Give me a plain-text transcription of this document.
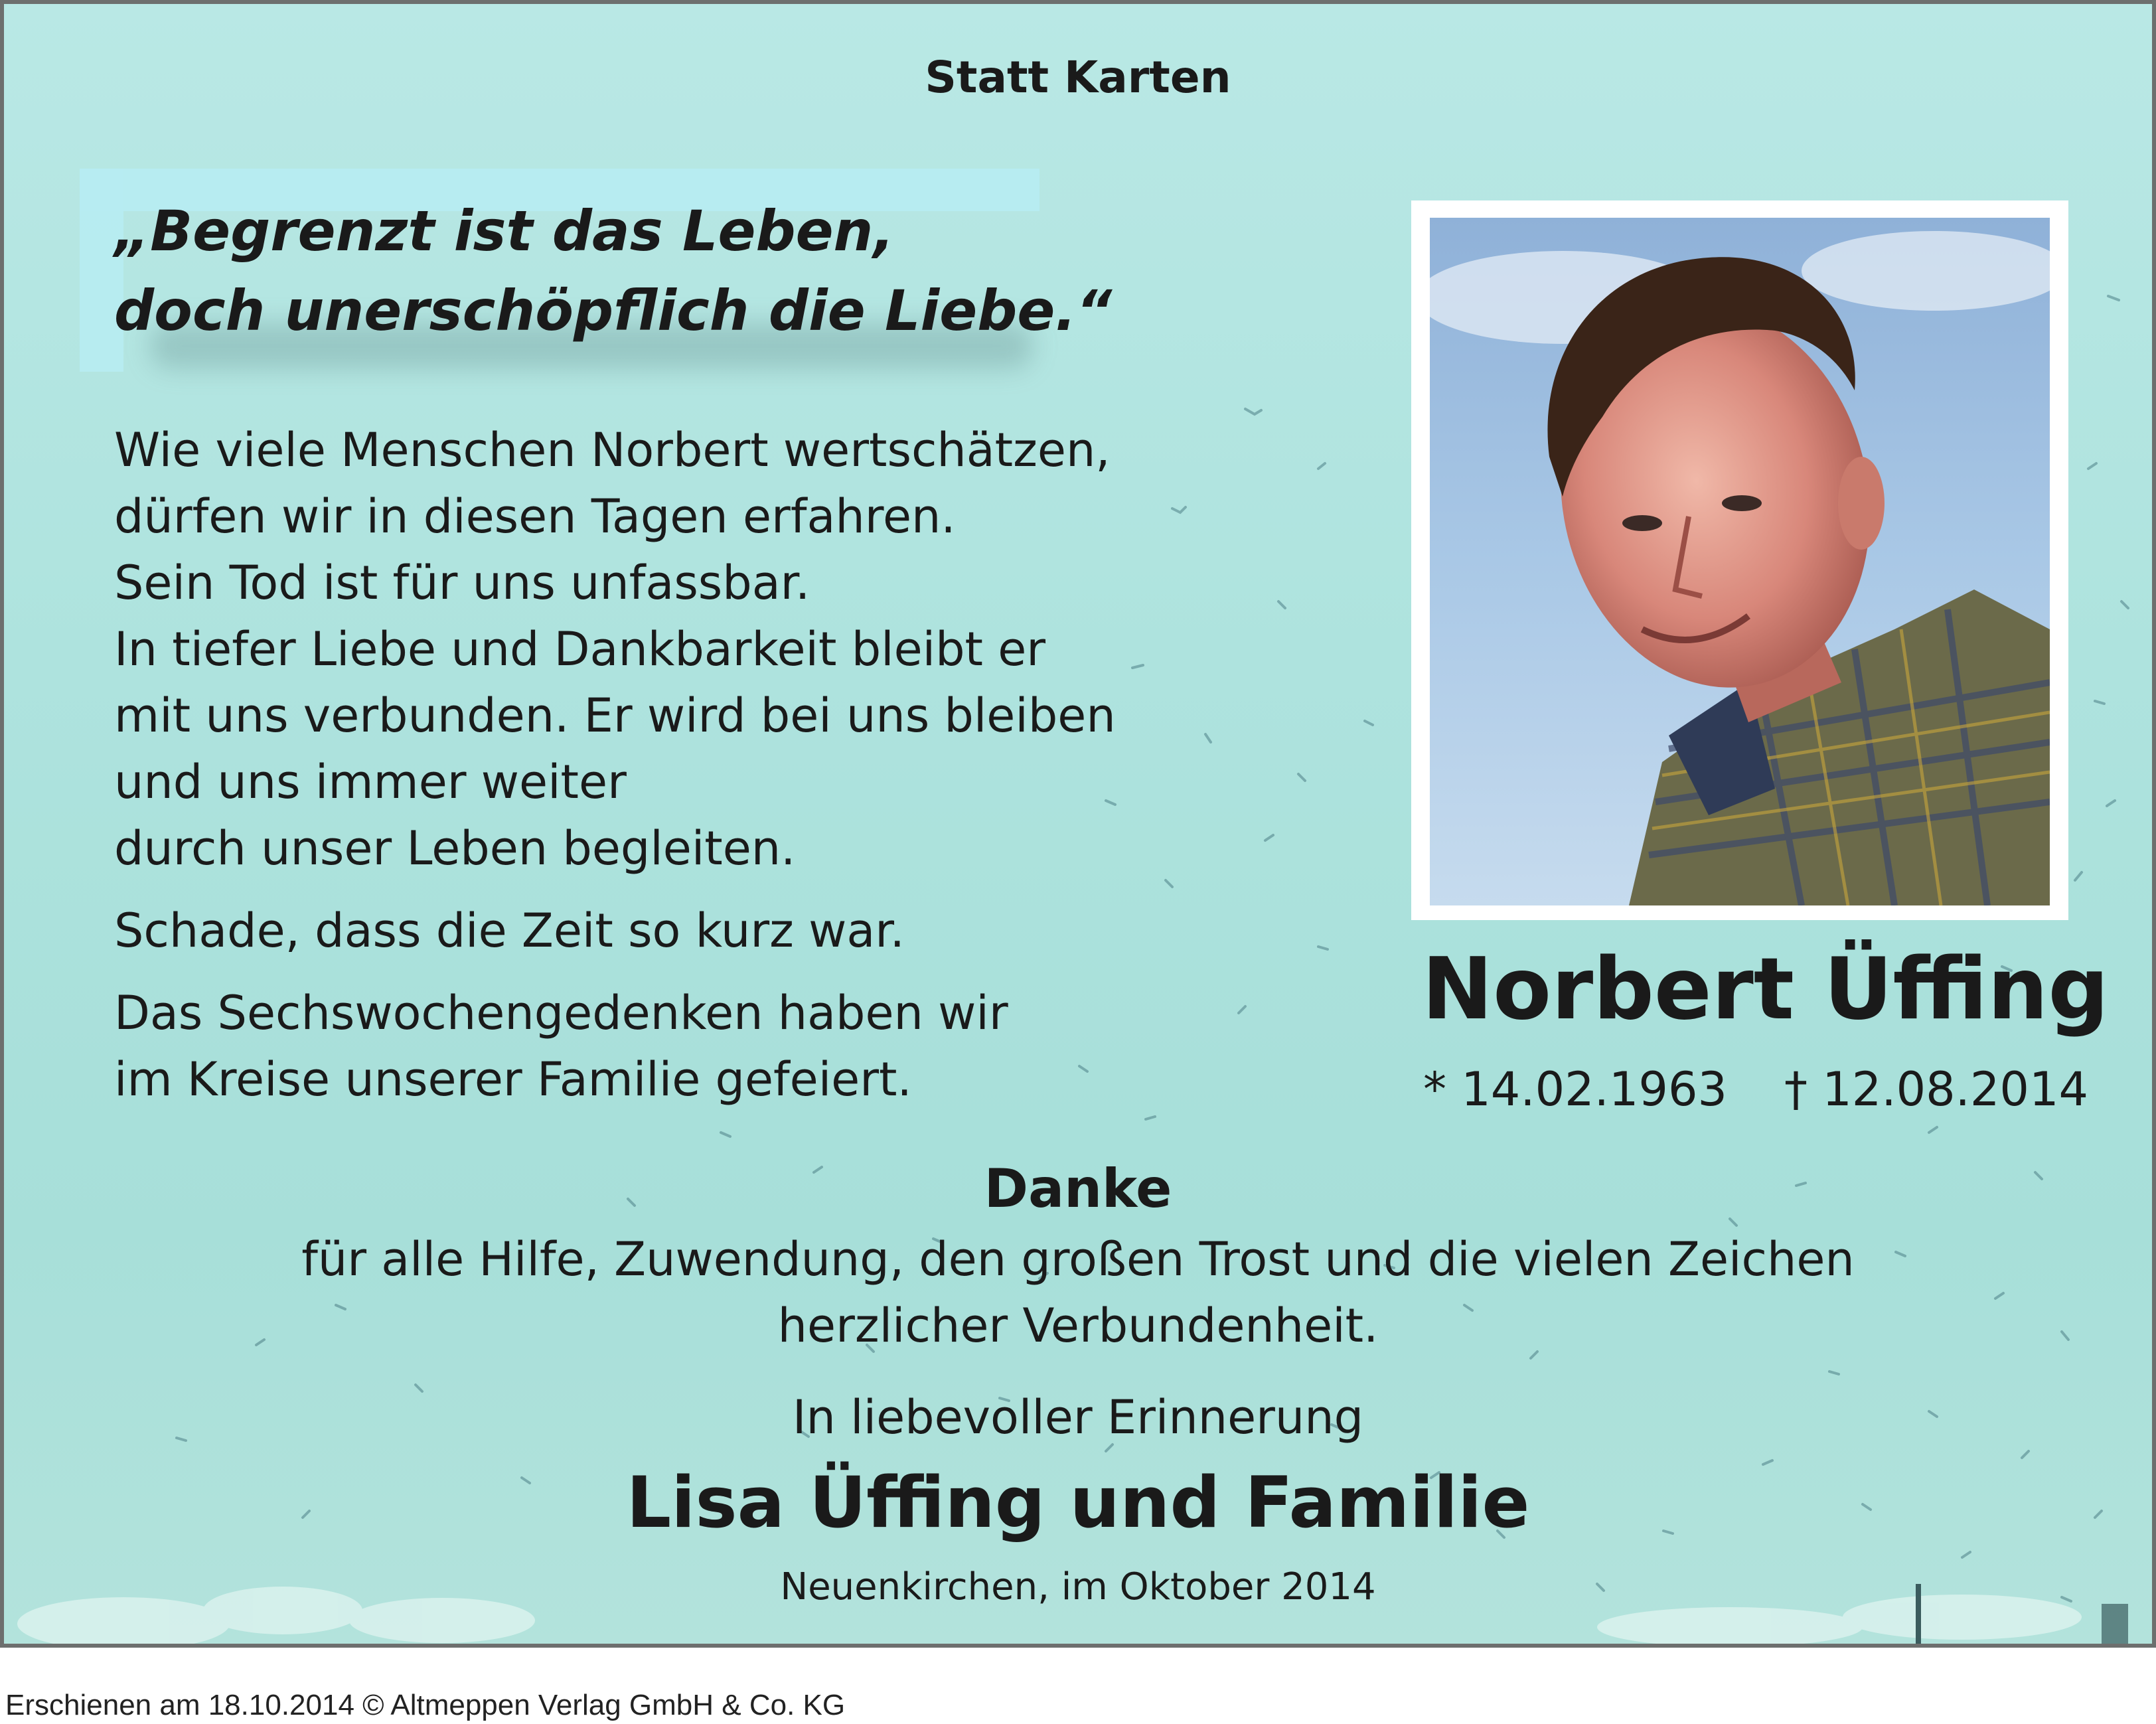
Statt Karten
„Begrenzt ist das Leben,
doch unerschöpflich die Liebe.“
Wie viele Menschen Norbert wertschätzen,
dürfen wir in diesen Tagen erfahren.
Sein Tod ist für uns unfassbar.
In tiefer Liebe und Dankbarkeit bleibt er
mit uns verbunden. Er wird bei uns bleiben
und uns immer weiter
durch unser Leben begleiten.
Schade, dass die Zeit so kurz war.
Das Sechswochengedenken haben wir
im Kreise unserer Familie gefeiert.
Norbert Üffing
* 14.02.1963 † 12.08.2014
Danke
für alle Hilfe, Zuwendung, den großen Trost und die vielen Zeichen
herzlicher Verbundenheit.
In liebevoller Erinnerung
Lisa Üffing und Familie
Neuenkirchen, im Oktober 2014
Erschienen am 18.10.2014 © Altmeppen Verlag GmbH & Co. KG
